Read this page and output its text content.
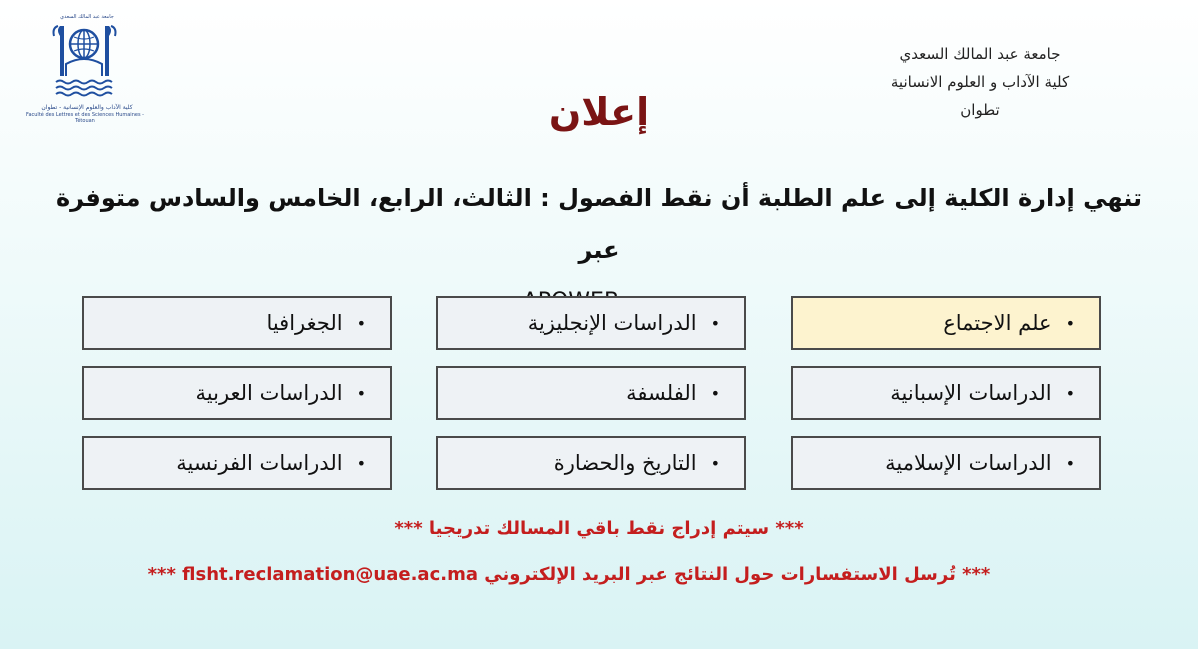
جامعة عبد المالك السعدي
كلية الآداب والعلوم الإنسانية - تطوان
Faculté des Lettres et des Sciences Humaines - Tétouan
جامعة عبد المالك السعدي
كلية الآداب و العلوم الانسانية
تطوان
إعلان
تنهي إدارة الكلية إلى علم الطلبة أن نقط الفصول : الثالث، الرابع، الخامس والسادس متوفرة عبر
•
علم الاجتماع
•
الدراسات الإنجليزية
•
الجغرافيا
•
الدراسات الإسبانية
•
الفلسفة
•
الدراسات العربية
•
الدراسات الإسلامية
•
التاريخ والحضارة
•
الدراسات الفرنسية
*** سيتم إدراج نقط باقي المسالك تدريجيا ***
*** تُرسل الاستفسارات حول النتائج عبر البريد الإلكتروني flsht.reclamation@uae.ac.ma ***
